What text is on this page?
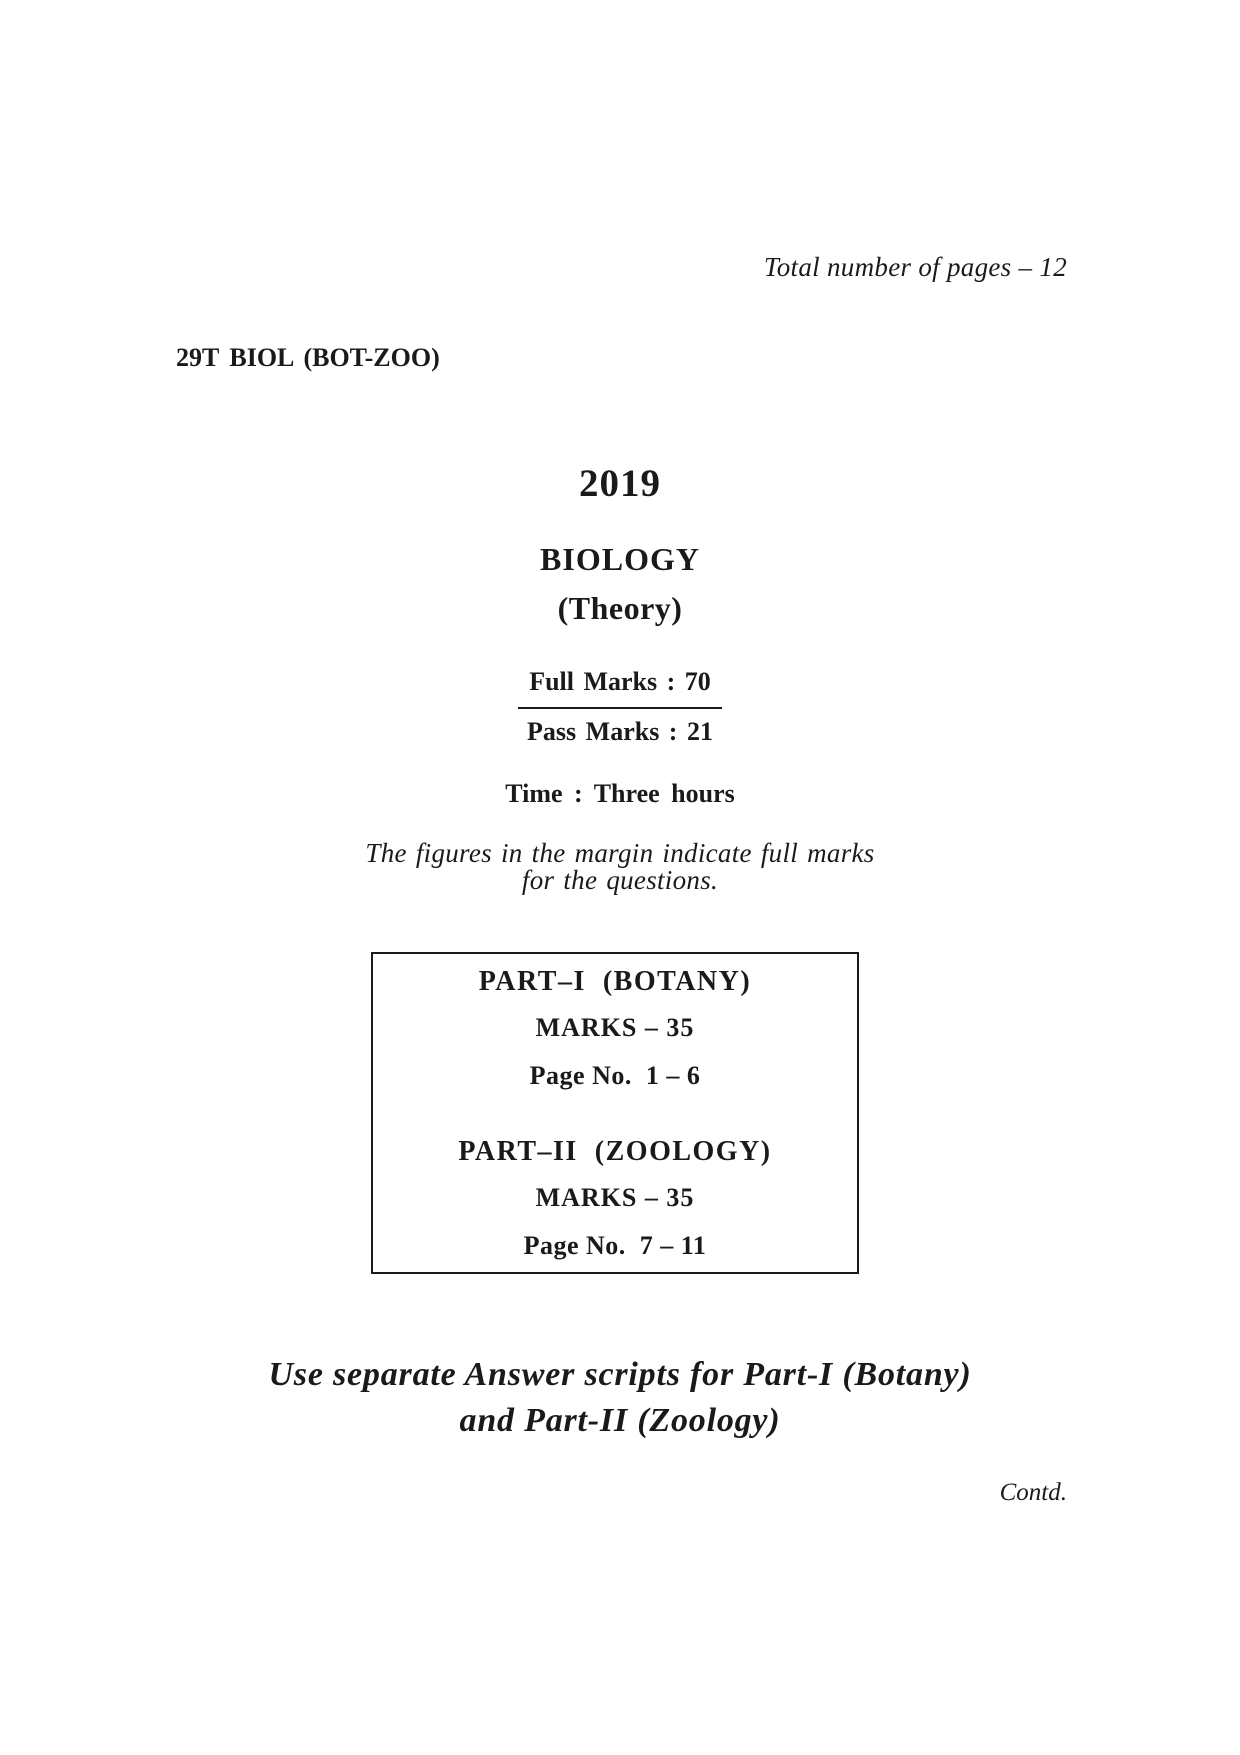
Total number of pages – 12
29T BIOL (BOT-ZOO)
2019
BIOLOGY
(Theory)
Full Marks : 70
Pass Marks : 21
Time : Three hours
The figures in the margin indicate full marks
for the questions.
PART–I  (BOTANY)
MARKS – 35
Page No.  1 – 6
PART–II  (ZOOLOGY)
MARKS – 35
Page No.  7 – 11
Use separate Answer scripts for Part-I (Botany)
and Part-II (Zoology)
Contd.
